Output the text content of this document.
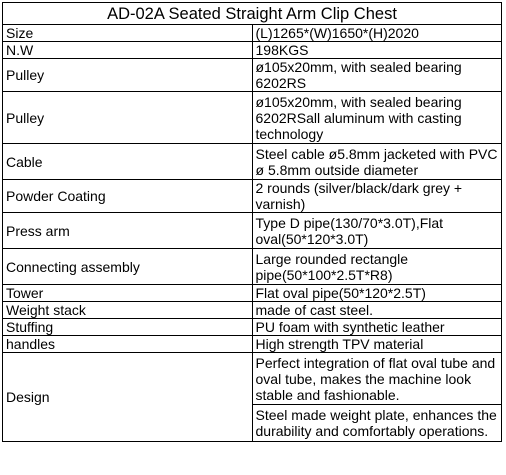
AD-02A Seated Straight Arm Clip Chest	
Size	(L)1265*(W)1650*(H)2020
N.W	198KGS
Pulley	ø105x20mm, with sealed bearing 6202RS
Pulley	ø105x20mm, with sealed bearing 6202RSall aluminum with casting technology
Cable	Steel cable ø5.8mm jacketed with PVC ø 5.8mm outside diameter
Powder Coating	2 rounds (silver/black/dark grey + varnish)
Press arm	Type D pipe(130/70*3.0T),Flat oval(50*120*3.0T)
Connecting assembly	Large rounded rectangle pipe(50*100*2.5T*R8)
Tower	Flat oval pipe(50*120*2.5T)
Weight stack	made of cast steel.
Stuffing	PU foam with synthetic leather
handles	High strength TPV material
Design	Perfect integration of flat oval tube and oval tube, makes the machine look stable and fashionable.
	Steel made weight plate, enhances the durability and comfortably operations.
